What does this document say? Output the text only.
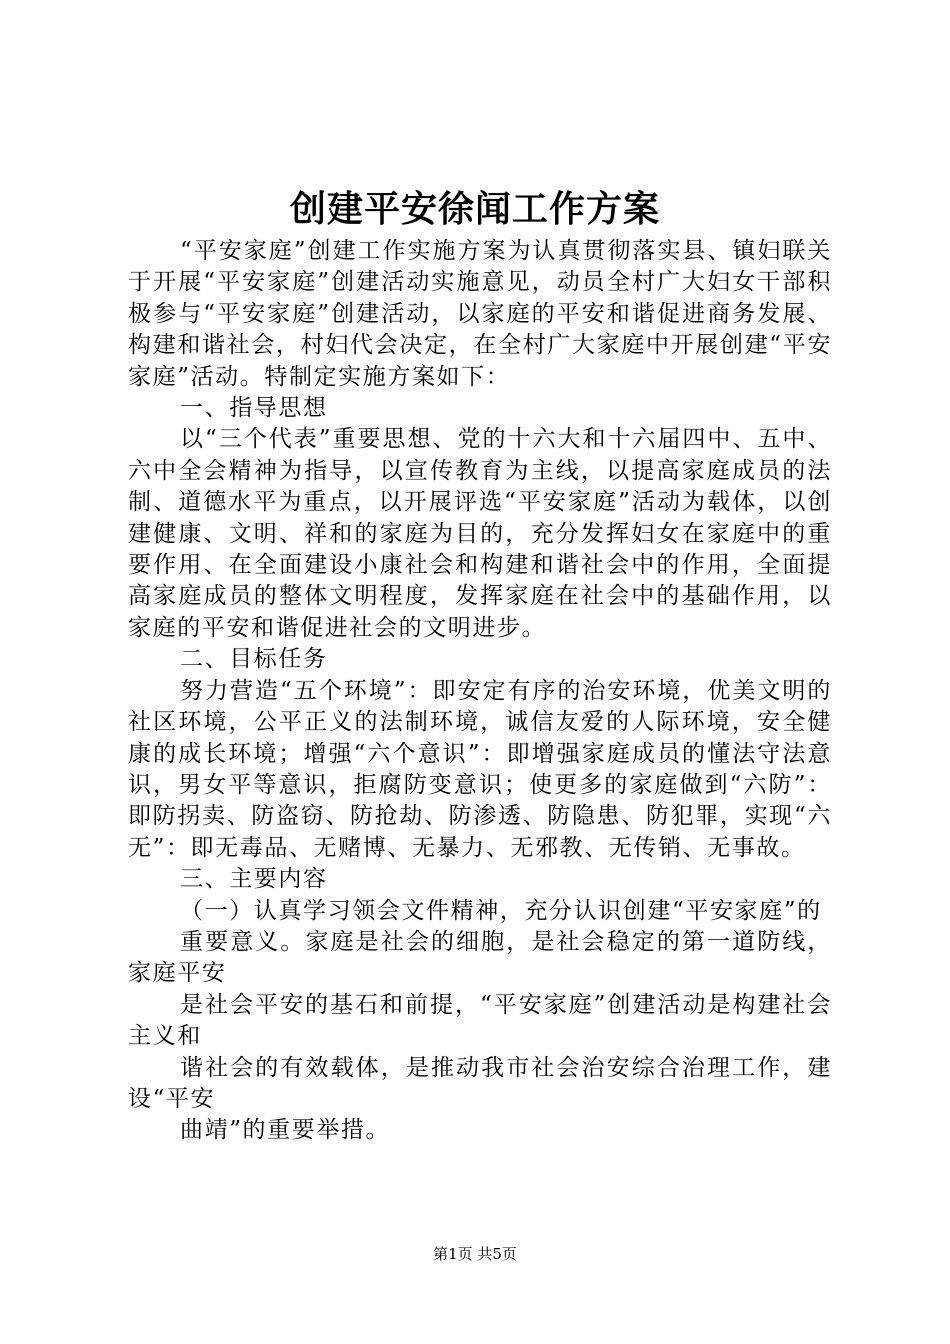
创建平安徐闻工作方案

“平安家庭”创建工作实施方案为认真贯彻落实县、镇妇联关于开展“平安家庭”创建活动实施意见，动员全村广大妇女干部积极参与“平安家庭”创建活动，以家庭的平安和谐促进商务发展、构建和谐社会，村妇代会决定，在全村广大家庭中开展创建“平安家庭”活动。特制定实施方案如下：

一、指导思想

以“三个代表”重要思想、党的十六大和十六届四中、五中、六中全会精神为指导，以宣传教育为主线，以提高家庭成员的法制、道德水平为重点，以开展评选“平安家庭”活动为载体，以创建健康、文明、祥和的家庭为目的，充分发挥妇女在家庭中的重要作用、在全面建设小康社会和构建和谐社会中的作用，全面提高家庭成员的整体文明程度，发挥家庭在社会中的基础作用，以家庭的平安和谐促进社会的文明进步。

二、目标任务

努力营造“五个环境”：即安定有序的治安环境，优美文明的社区环境，公平正义的法制环境，诚信友爱的人际环境，安全健康的成长环境；增强“六个意识”：即增强家庭成员的懂法守法意识，男女平等意识，拒腐防变意识；使更多的家庭做到“六防”：即防拐卖、防盗窃、防抢劫、防渗透、防隐患、防犯罪，实现“六无”：即无毒品、无赌博、无暴力、无邪教、无传销、无事故。

三、主要内容

（一）认真学习领会文件精神，充分认识创建“平安家庭”的

重要意义。家庭是社会的细胞，是社会稳定的第一道防线，家庭平安

是社会平安的基石和前提，“平安家庭”创建活动是构建社会主义和

谐社会的有效载体，是推动我市社会治安综合治理工作，建设“平安

曲靖”的重要举措。

第1页 共5页
